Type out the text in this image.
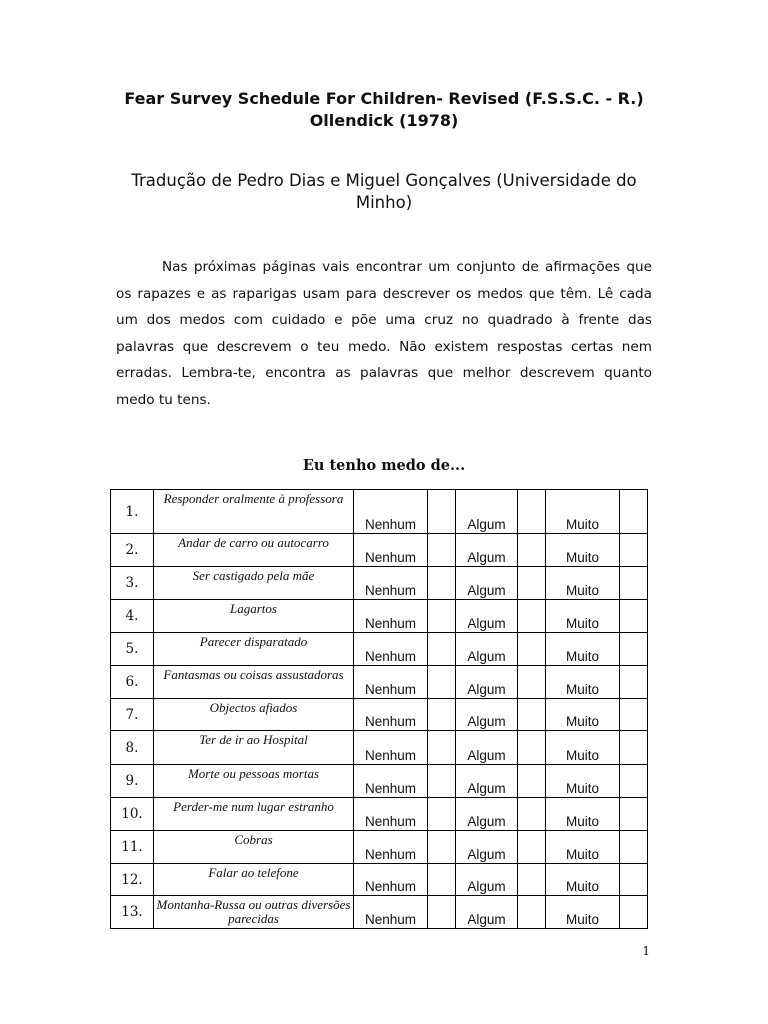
Fear Survey Schedule For Children- Revised (F.S.S.C. - R.)
Ollendick (1978)
Tradução de Pedro Dias e Miguel Gonçalves (Universidade do Minho)

Nas próximas páginas vais encontrar um conjunto de afirmações que os rapazes e as raparigas usam para descrever os medos que têm. Lê cada um dos medos com cuidado e põe uma cruz no quadrado à frente das palavras que descrevem o teu medo. Não existem respostas certas nem erradas. Lembra-te, encontra as palavras que melhor descrevem quanto medo tu tens.

Eu tenho medo de...
1.	Responder oralmente à professora	Nenhum		Algum		Muito	
2.	Andar de carro ou autocarro	Nenhum		Algum		Muito	
3.	Ser castigado pela mãe	Nenhum		Algum		Muito	
4.	Lagartos	Nenhum		Algum		Muito	
5.	Parecer disparatado	Nenhum		Algum		Muito	
6.	Fantasmas ou coisas assustadoras	Nenhum		Algum		Muito	
7.	Objectos afiados	Nenhum		Algum		Muito	
8.	Ter de ir ao Hospital	Nenhum		Algum		Muito	
9.	Morte ou pessoas mortas	Nenhum		Algum		Muito	
10.	Perder-me num lugar estranho	Nenhum		Algum		Muito	
11.	Cobras	Nenhum		Algum		Muito	
12.	Falar ao telefone	Nenhum		Algum		Muito	
13.	Montanha-Russa ou outras diversões parecidas	Nenhum		Algum		Muito	
1
